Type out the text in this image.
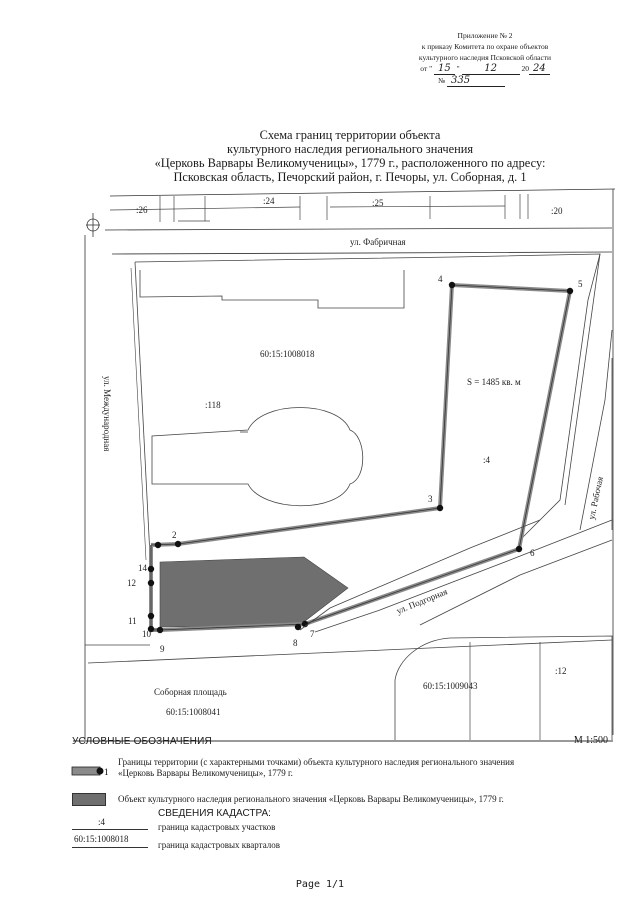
Приложение № 2
к приказу Комитета по охране объектов
культурного наследия Псковской области
от " 15 " 12	20 24
№ 335
Схема границ территории объекта
культурного наследия регионального значения
«Церковь Варвары Великомученицы», 1779 г., расположенного по адресу:
Псковская область, Печорский район, г. Печоры, ул. Соборная, д. 1
:26
:24	:25
:20
:118
:4
:12
60:15:1008018
60:15:1009043
60:15:1008041
ул. Фабричная
ул. Международная
ул. Рабочая
ул. Подгорная
Соборная площадь
S = 1485 кв. м
2
3
4	5
6
7
8
9
10
11
12
14
УСЛОВНЫЕ ОБОЗНАЧЕНИЯ	М 1:500
1
Границы территории (с характерными точками) объекта культурного наследия регионального значения
«Церковь Варвары Великомученицы», 1779 г.
Объект культурного наследия регионального значения «Церковь Варвары Великомученицы», 1779 г.
СВЕДЕНИЯ КАДАСТРА:
:4	граница кадастровых участков
60:15:1008018
граница кадастровых кварталов
Page 1/1
